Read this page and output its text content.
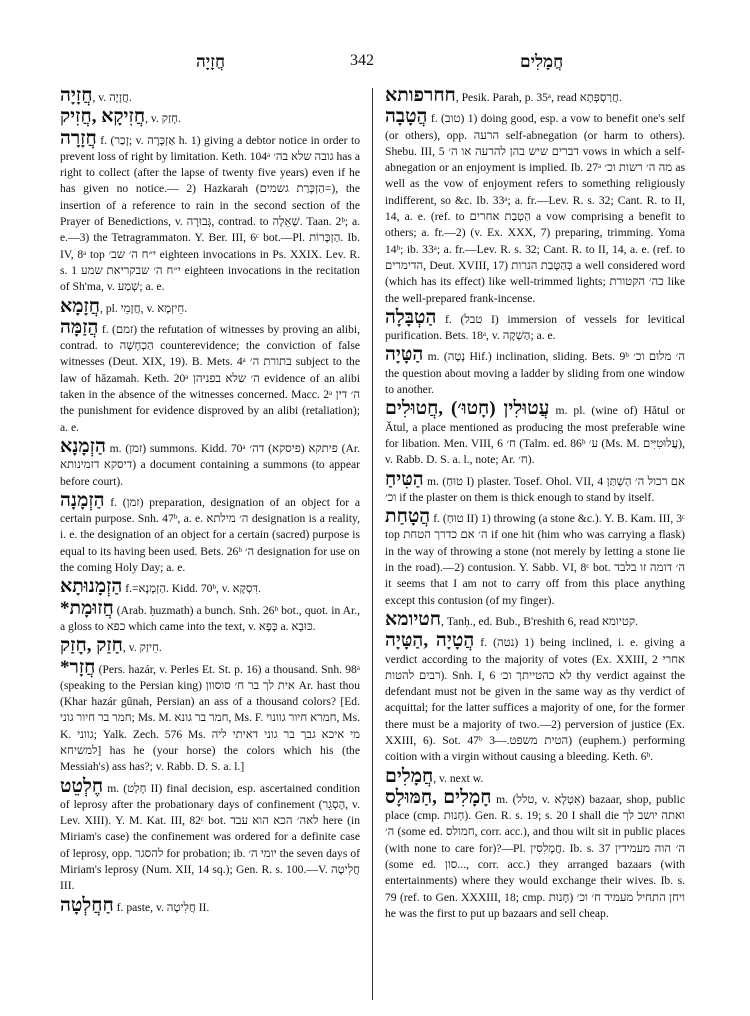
חֲזָיָה	342	חֲמָלִים

חֲזָיָה, v. חֲזָיָה.

חֲזִיקָא ,חֲזִיק, v. חָזַק.

חֲזָרָה f. (זָכַר; v. אַזְכָּרָה h. 1) giving a debtor notice in order to prevent loss of right by limitation. Keth. 104ᵃ גובה שלא בה׳ has a right to collect (after the lapse of twenty five years) even if he has given no notice.— 2) Hazkarah (הַזְכָּרַת גשמים=), the insertion of a reference to rain in the second section of the Prayer of Benedictions, v. גְּבוּרָה, contrad. to שְׁאֵלָה. Taan. 2ᵇ; a. e.—3) the Tetragrammaton. Y. Ber. III, 6ᶜ bot.—Pl. הַזְכָּרוֹת. Ib. IV, 8ᵃ top י״ח ה׳ שב׳ eighteen invocations in Ps. XXIX. Lev. R. s. 1 י״ח ה׳ שבקריאת שמע eighteen invocations in the recitation of Sh'ma, v. שְׁמַע; a. e.

חֲזָמָא, pl. חֲזָמֵי, v. חֵיזְמָא.

הֲזַמָּה f. (זמם) the refutation of witnesses by proving an alibi, contrad. to הַכְחָשָׁה counterevidence; the conviction of false witnesses (Deut. XIX, 19). B. Mets. 4ᵃ בתורת ה׳ subject to the law of hăzamah. Keth. 20ᵃ ה׳ שלא בפניהן evidence of an alibi taken in the absence of the witnesses concerned. Macc. 2ᵃ ה׳ דין the punishment for evidence disproved by an alibi (retaliation); a. e.

הַזְמָנָא m. (זמן) summons. Kidd. 70ᵃ פיתקא (פיסקא) דה׳ (Ar. דיסקא דזמינותא) a document containing a summons (to appear before court).

הַזְמָנָה f. (זמן) preparation, designation of an object for a certain purpose. Snh. 47ᵇ, a. e. ה׳ מילתא designation is a reality, i. e. the designation of an object for a certain (sacred) purpose is equal to its having been used. Bets. 26ᵇ ה׳ designation for use on the coming Holy Day; a. e.

הַזְמָנוּתָא f.=הַזְמָנָא. Kidd. 70ᵇ, v. דִּסְקָא.

*חֲזוּמָת (Arab. ḥuzmath) a bunch. Snh. 26ᵇ bot., quot. in Ar., a gloss to כפא which came into the text, v. כָּפָא a. כּוּבָא.

חַזַק ,חָזַק, v. חֵיזַק.

*חֲזָר (Pers. hazár, v. Perles Et. St. p. 16) a thousand. Snh. 98ᵃ (speaking to the Persian king) אית לך בר ח׳ סוסוון Ar. hast thou (Khar hazár gûnah, Persian) an ass of a thousand colors? [Ed. חמר בר חיור גוני; Ms. M. חמר בר גונא, Ms. F. חמרא חיור גוונוי, Ms. K. גווני; Yalk. Zech. 576 Ms. מי איכא גבך בר גוני דאיתי ליה למשיחא] has he (your horse) the colors which his (the Messiah's) ass has?; v. Rabb. D. S. a. l.]

חֶלְטֵט m. (חָלַט II) final decision, esp. ascertained condition of leprosy after the probationary days of confinement (הֶסְגֵר, v. Lev. XIII). Y. M. Kat. III, 82ᶜ bot. לאה׳ הכא הוא עבד here (in Miriam's case) the confinement was ordered for a definite case of leprosy, opp. להסגר for probation; ib. יומי ה׳ the seven days of Miriam's leprosy (Num. XII, 14 sq.); Gen. R. s. 100.—V. חֲלִיטָה III.

חַחֲלְטָה f. paste, v. חֲלִיטָה II.

חחרפותא, Pesik. Parah, p. 35ᵃ, read חֲרַסְפְּתָא.

הֲטָבָה f. (טוב) 1) doing good, esp. a vow to benefit one's self (or others), opp. הרעה self-abnegation (or harm to others). Shebu. III, 5 דברים שיש בהן להרעה או ה׳ vows in which a self-abnegation or an enjoyment is implied. Ib. 27ᵃ מה ה׳ רשות וכ׳ as well as the vow of enjoyment refers to something religiously indifferent, so &c. Ib. 33ᵃ; a. fr.—Lev. R. s. 32; Cant. R. to II, 14, a. e. (ref. to הַטְבַת אחרים a vow comprising a benefit to others; a. fr.—2) (v. Ex. XXX, 7) preparing, trimming. Yoma 14ᵇ; ib. 33ᵃ; a. fr.—Lev. R. s. 32; Cant. R. to II, 14, a. e. (ref. to הדימרים, Deut. XVIII, 17) כְּהַטָּבַת הנרות a well considered word (which has its effect) like well-trimmed lights; כה׳ הקטורת like the well-prepared frank-incense.

הַטְבָּלָה f. (טבל I) immersion of vessels for levitical purification. Bets. 18ᵃ, v. הַשְׁקָה; a. e.

הַטָּיָה m. (נָטָה Hif.) inclination, sliding. Bets. 9ᵇ ה׳ מלום וכ׳ the question about moving a ladder by sliding from one window to another.

עֲטוּלִין (חָטוּ׳) ,חֲטוּלִים m. pl. (wine of) Hătul or Ătul, a place mentioned as producing the most preferable wine for libation. Men. VIII, 6 ח׳ (Talm. ed. 86ᵇ ע׳ (Ms. M. עֲלוּטִיִּים), v. Rabb. D. S. a. l., note; Ar. ח׳).

הַטִּיחַ m. (טוּחַ I) plaster. Tosef. Ohol. VII, 4 אם רכול ה׳ הַשְׁתַּן וכ׳ if the plaster on them is thick enough to stand by itself.

הֲטָחַת f. (טוּחַ II) 1) throwing (a stone &c.). Y. B. Kam. III, 3ᶜ top ה׳ אם כדרך הטחת if one hit (him who was carrying a flask) in the way of throwing a stone (not merely by letting a stone lie in the road).—2) contusion. Y. Sabb. VI, 8ᶜ bot. ה׳ דומה זו בלבד it seems that I am not to carry off from this place anything except this contusion (of my finger).

חטיומא, Tanḥ., ed. Bub., B'reshith 6, read קטיומא.

הֲטָיָה ,הַטָּיָה f. (נטה) 1) being inclined, i. e. giving a verdict according to the majority of votes (Ex. XXIII, 2 אחרי רבים להטות). Snh. I, 6 לא כהטייתך וכ׳ thy verdict against the defendant must not be given in the same way as thy verdict of acquittal; for the latter suffices a majority of one, for the former there must be a majority of two.—2) perversion of justice (Ex. XXIII, 6). Sot. 47ᵇ הטית משפט.—3) (euphem.) performing coition with a virgin without causing a bleeding. Keth. 6ᵇ.

חֲמָלִים, v. next w.

חָמָלִים ,חַמּוּלָס m. (טלל, v. אִטְלָא) bazaar, shop, public place (cmp. חְנוּת). Gen. R. s. 19; s. 20 I shall die ואתה יושב לך ה׳ (some ed. חמולס, corr. acc.), and thou wilt sit in public places (with none to care for)?—Pl. חֲמָלִסִין. Ib. s. 37 ה׳ הוה מעמידין (some ed. סון..., corr. acc.) they arranged bazaars (with entertainments) where they would exchange their wives. Ib. s. 79 (ref. to Gen. XXXIII, 18; cmp. חָנוּת) ויחן התחיל מעמיד ח׳ וכ׳ he was the first to put up bazaars and sell cheap.
